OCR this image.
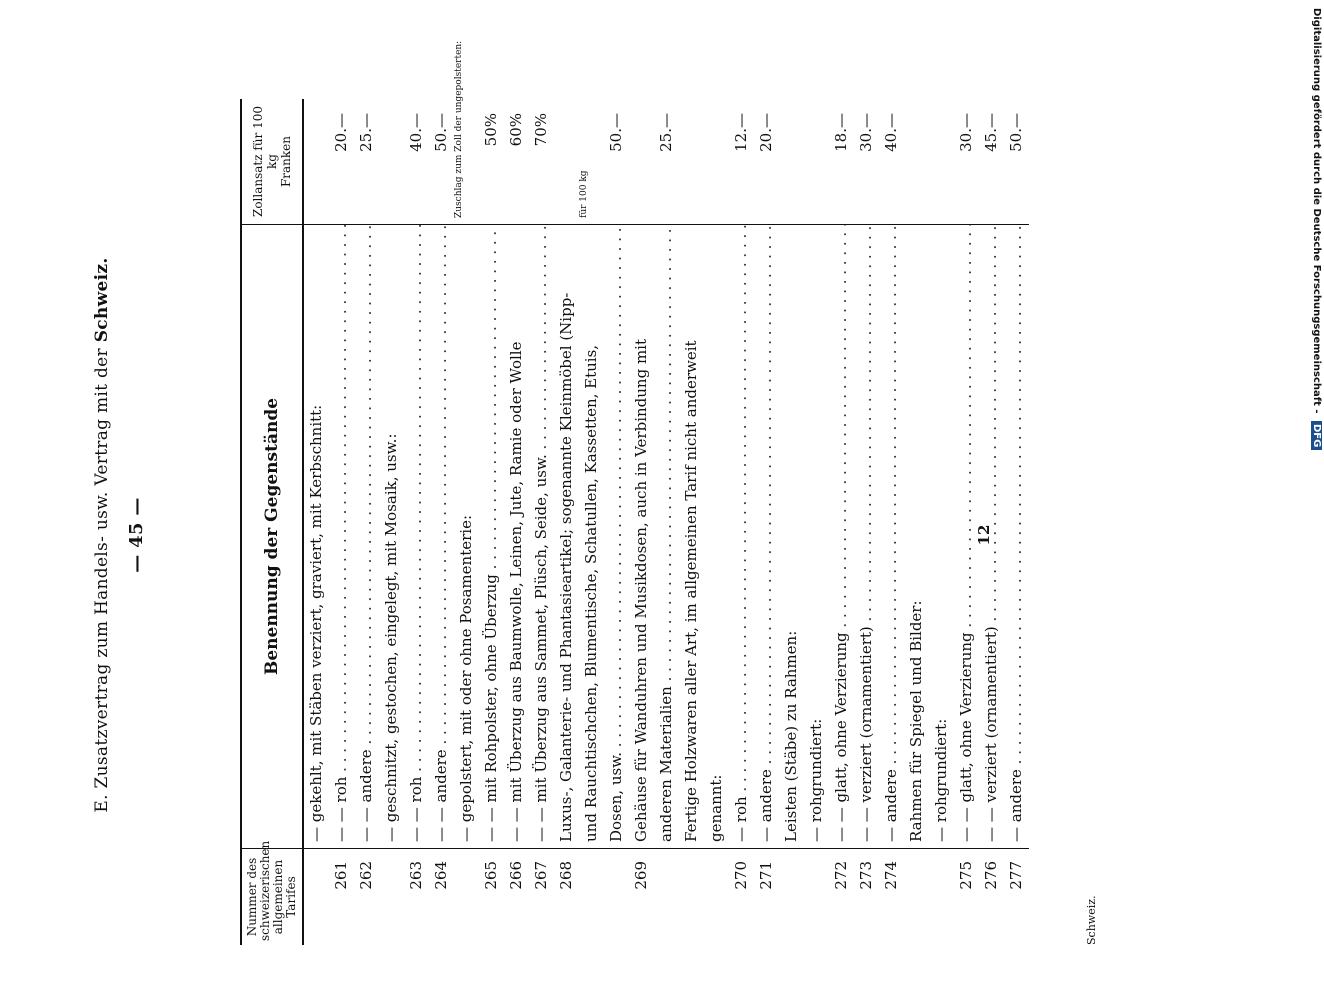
E. Zusatzvertrag zum Handels- usw. Vertrag mit der Schweiz.
— 45 —
Nummer des schweizerischen allgemeinen Tarifes	Benennung der Gegenstände	Zollansatz für 100 kg
Franken
	— gekehlt, mit Stäben verziert, graviert, mit Kerbschnitt:	
261	— — roh . . .	20.—
262	— — andere . . .	25.—
	— geschnitzt, gestochen, eingelegt, mit Mosaik, usw.:	
263	— — roh . . .	40.—
264	— — andere . . .	50.—
	— gepolstert, mit oder ohne Posamenterie:	Zuschlag zum Zoll der ungepolsterten:

265	— — mit Rohpolster, ohne Überzug . . .	50%
266	— — mit Überzug aus Baumwolle, Leinen, Jute, Ramie oder Wolle	60%
267	— — mit Überzug aus Sammet, Plüsch, Seide, usw. . . .	70%
268	Luxus-, Galanterie- und Phantasieartikel; sogenannte Kleinmöbel (Nipp-	
	und Rauchtischchen, Blumentische, Schatullen, Kassetten, Etuis,	für 100 kg

	Dosen, usw. . . .	50.—
269	Gehäuse für Wanduhren und Musikdosen, auch in Verbindung mit	
	anderen Materialien . . .	25.—
	Fertige Holzwaren aller Art, im allgemeinen Tarif nicht anderweit	
	genannt:	
270	— roh . . .	12.—
271	— andere . . .	20.—
	Leisten (Stäbe) zu Rahmen:	
	— rohgrundiert:	
272	— — glatt, ohne Verzierung . . .	18.—
273	— — verziert (ornamentiert) . . .	30.—
274	— andere . . .	40.—
	Rahmen für Spiegel und Bilder:	
	— rohgrundiert:	
275	— — glatt, ohne Verzierung . . .	30.—
276	— — verziert (ornamentiert) . . .	45.—
277	— andere . . .	50.—
12
Schweiz.
Digitalisierung gefördert durch die Deutsche Forschungsgemeinschaft - DFG
